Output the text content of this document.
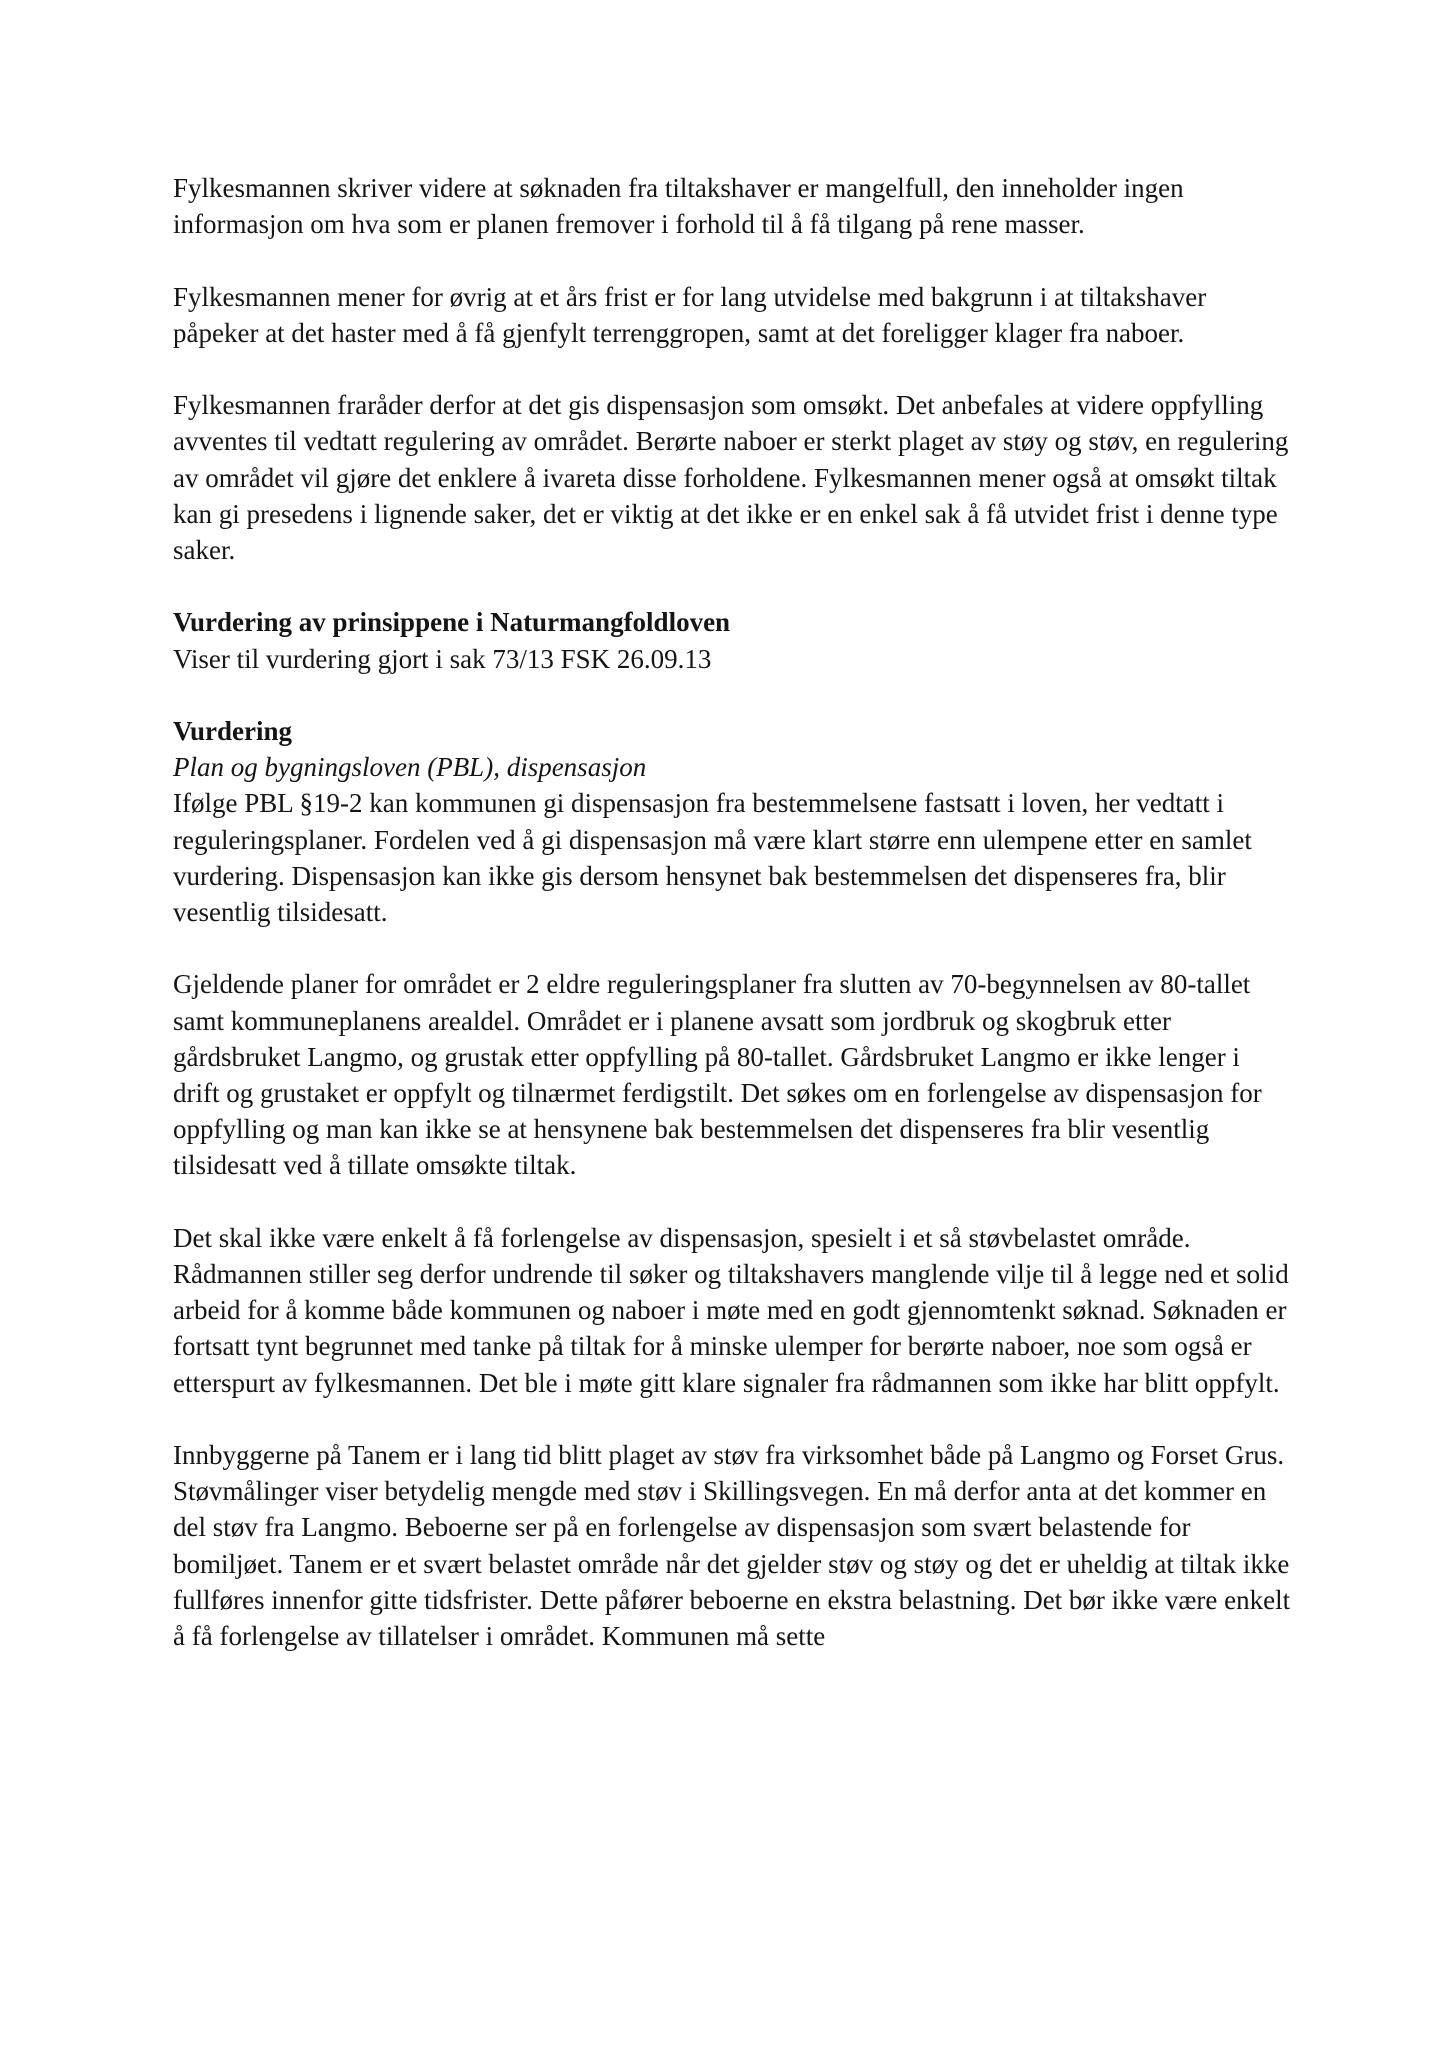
Fylkesmannen skriver videre at søknaden fra tiltakshaver er mangelfull, den inneholder ingen informasjon om hva som er planen fremover i forhold til å få tilgang på rene masser.

Fylkesmannen mener for øvrig at et års frist er for lang utvidelse med bakgrunn i at tiltakshaver påpeker at det haster med å få gjenfylt terrenggropen, samt at det foreligger klager fra naboer.

Fylkesmannen fraråder derfor at det gis dispensasjon som omsøkt. Det anbefales at videre oppfylling avventes til vedtatt regulering av området. Berørte naboer er sterkt plaget av støy og støv, en regulering av området vil gjøre det enklere å ivareta disse forholdene. Fylkesmannen mener også at omsøkt tiltak kan gi presedens i lignende saker, det er viktig at det ikke er en enkel sak å få utvidet frist i denne type saker.

Vurdering av prinsippene i Naturmangfoldloven
Viser til vurdering gjort i sak 73/13 FSK 26.09.13
Vurdering
Plan og bygningsloven (PBL), dispensasjon
Ifølge PBL §19-2 kan kommunen gi dispensasjon fra bestemmelsene fastsatt i loven, her vedtatt i reguleringsplaner. Fordelen ved å gi dispensasjon må være klart større enn ulempene etter en samlet vurdering. Dispensasjon kan ikke gis dersom hensynet bak bestemmelsen det dispenseres fra, blir vesentlig tilsidesatt.

Gjeldende planer for området er 2 eldre reguleringsplaner fra slutten av 70-begynnelsen av 80-tallet samt kommuneplanens arealdel. Området er i planene avsatt som jordbruk og skogbruk etter gårdsbruket Langmo, og grustak etter oppfylling på 80-tallet. Gårdsbruket Langmo er ikke lenger i drift og grustaket er oppfylt og tilnærmet ferdigstilt. Det søkes om en forlengelse av dispensasjon for oppfylling og man kan ikke se at hensynene bak bestemmelsen det dispenseres fra blir vesentlig tilsidesatt ved å tillate omsøkte tiltak.

Det skal ikke være enkelt å få forlengelse av dispensasjon, spesielt i et så støvbelastet område. Rådmannen stiller seg derfor undrende til søker og tiltakshavers manglende vilje til å legge ned et solid arbeid for å komme både kommunen og naboer i møte med en godt gjennomtenkt søknad. Søknaden er fortsatt tynt begrunnet med tanke på tiltak for å minske ulemper for berørte naboer, noe som også er etterspurt av fylkesmannen. Det ble i møte gitt klare signaler fra rådmannen som ikke har blitt oppfylt.

Innbyggerne på Tanem er i lang tid blitt plaget av støv fra virksomhet både på Langmo og Forset Grus. Støvmålinger viser betydelig mengde med støv i Skillingsvegen. En må derfor anta at det kommer en del støv fra Langmo. Beboerne ser på en forlengelse av dispensasjon som svært belastende for bomiljøet. Tanem er et svært belastet område når det gjelder støv og støy og det er uheldig at tiltak ikke fullføres innenfor gitte tidsfrister. Dette påfører beboerne en ekstra belastning. Det bør ikke være enkelt å få forlengelse av tillatelser i området. Kommunen må sette
